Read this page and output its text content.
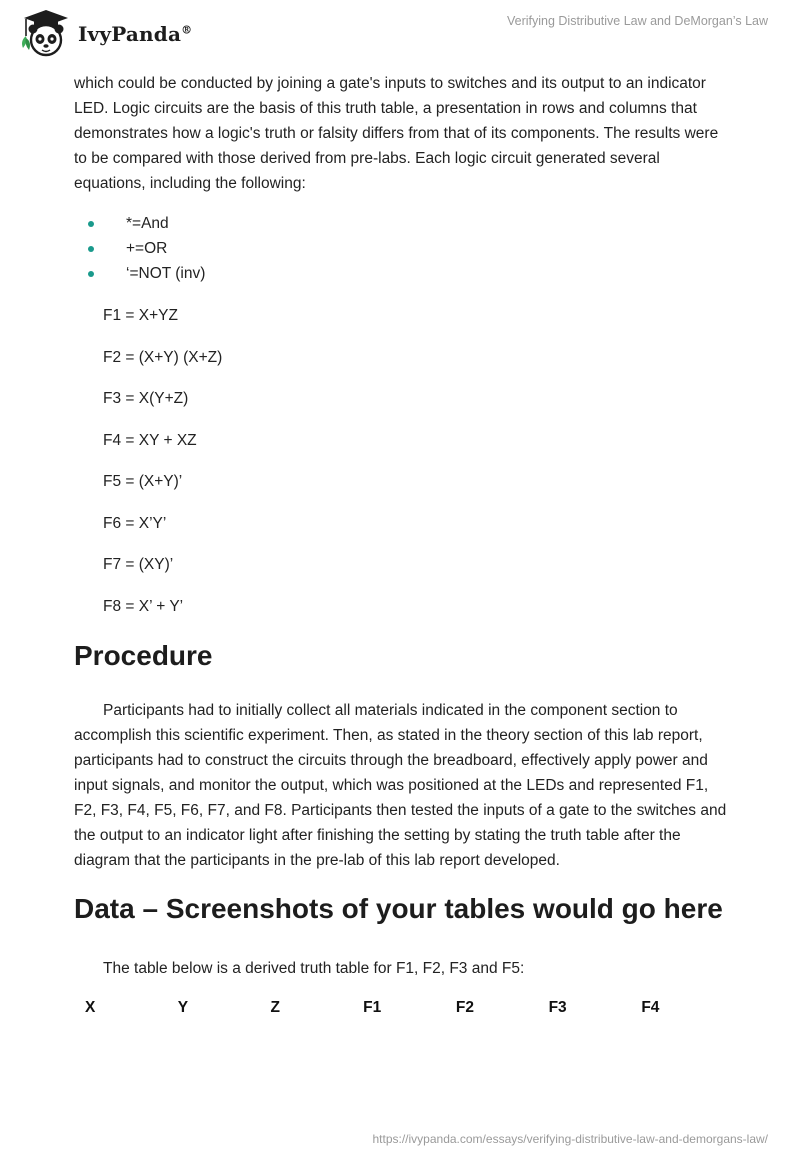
IvyPanda®
Verifying Distributive Law and DeMorgan’s Law

which could be conducted by joining a gate's inputs to switches and its output to an indicator LED. Logic circuits are the basis of this truth table, a presentation in rows and columns that demonstrates how a logic's truth or falsity differs from that of its components. The results were to be compared with those derived from pre-labs. Each logic circuit generated several equations, including the following:

*=And
+=OR
‘=NOT (inv)
F1 = X+YZ
F2 = (X+Y) (X+Z)
F3 = X(Y+Z)
F4 = XY + XZ
F5 = (X+Y)’
F6 = X’Y’
F7 = (XY)’
F8 = X’ + Y’
Procedure

Participants had to initially collect all materials indicated in the component section to accomplish this scientific experiment. Then, as stated in the theory section of this lab report, participants had to construct the circuits through the breadboard, effectively apply power and input signals, and monitor the output, which was positioned at the LEDs and represented F1, F2, F3, F4, F5, F6, F7, and F8. Participants then tested the inputs of a gate to the switches and the output to an indicator light after finishing the setting by stating the truth table after the diagram that the participants in the pre-lab of this lab report developed.

Data – Screenshots of your tables would go here

The table below is a derived truth table for F1, F2, F3 and F5:

X	Y	Z	F1	F2	F3	F4
https://ivypanda.com/essays/verifying-distributive-law-and-demorgans-law/
